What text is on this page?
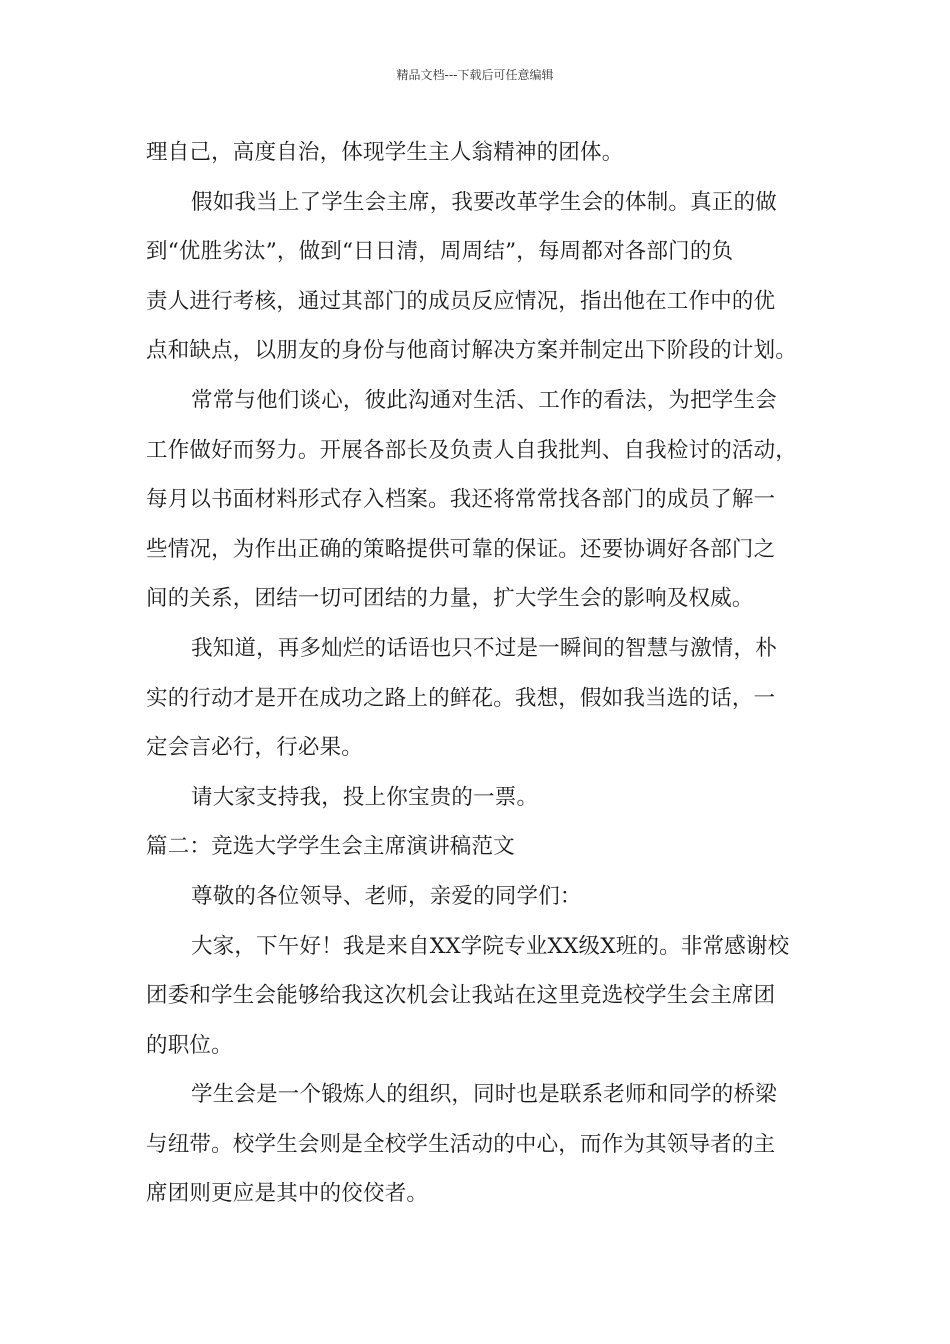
精品文档---下载后可任意编辑
理自己，高度自治，体现学生主人翁精神的团体。
假如我当上了学生会主席，我要改革学生会的体制。真正的做
到“优胜劣汰”，做到“日日清，周周结”，每周都对各部门的负
责人进行考核，通过其部门的成员反应情况，指出他在工作中的优
点和缺点，以朋友的身份与他商讨解决方案并制定出下阶段的计划。
常常与他们谈心，彼此沟通对生活、工作的看法，为把学生会
工作做好而努力。开展各部长及负责人自我批判、自我检讨的活动，
每月以书面材料形式存入档案。我还将常常找各部门的成员了解一
些情况，为作出正确的策略提供可靠的保证。还要协调好各部门之
间的关系，团结一切可团结的力量，扩大学生会的影响及权威。
我知道，再多灿烂的话语也只不过是一瞬间的智慧与激情，朴
实的行动才是开在成功之路上的鲜花。我想，假如我当选的话，一
定会言必行，行必果。
请大家支持我，投上你宝贵的一票。
篇二：竞选大学学生会主席演讲稿范文
尊敬的各位领导、老师，亲爱的同学们：
大家，下午好！我是来自XX学院专业XX级X班的。非常感谢校
团委和学生会能够给我这次机会让我站在这里竞选校学生会主席团
的职位。
学生会是一个锻炼人的组织，同时也是联系老师和同学的桥梁
与纽带。校学生会则是全校学生活动的中心，而作为其领导者的主
席团则更应是其中的佼佼者。
